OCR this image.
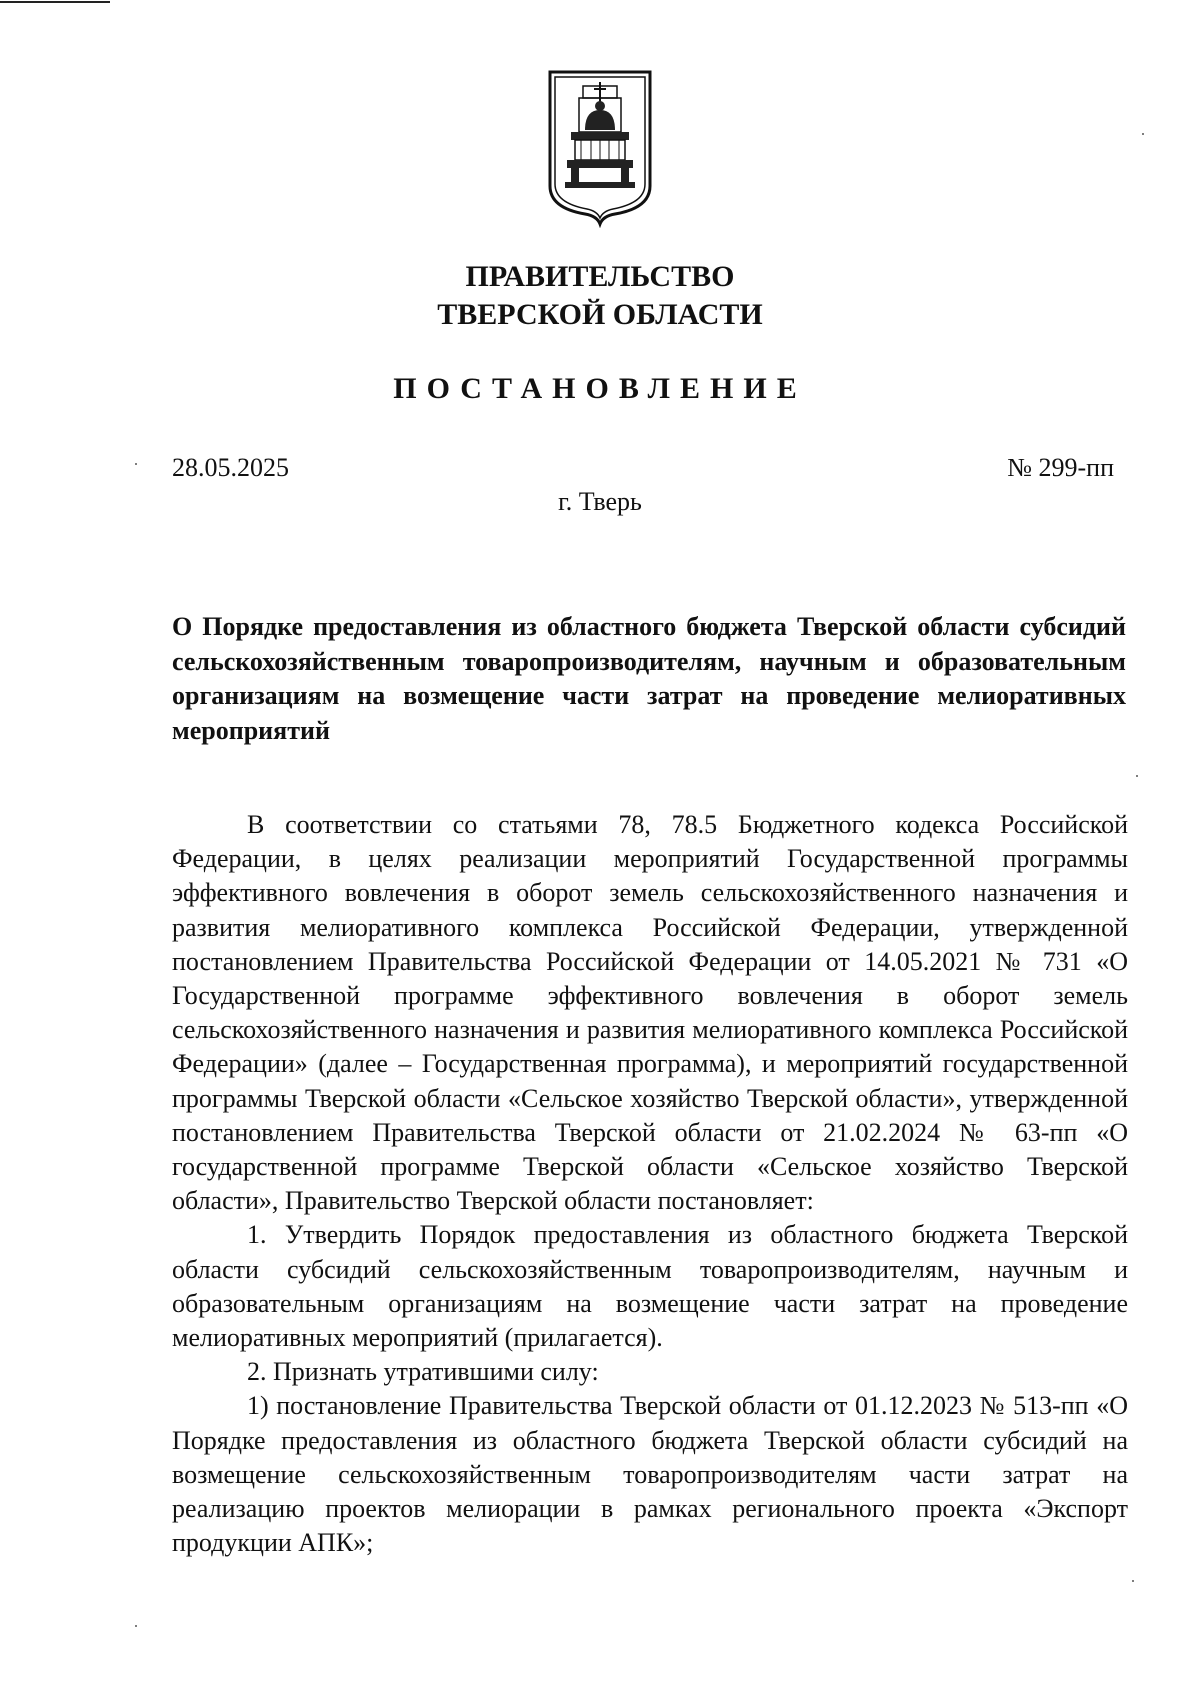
ПРАВИТЕЛЬСТВО
ТВЕРСКОЙ ОБЛАСТИ
ПОСТАНОВЛЕНИЕ
28.05.2025	№ 299-пп
г. Тверь
О Порядке предоставления из областного бюджета Тверской области субсидий сельскохозяйственным товаропроизводителям, научным и образовательным организациям на возмещение части затрат на проведение мелиоративных мероприятий

В соответствии со статьями 78, 78.5 Бюджетного кодекса Российской Федерации, в целях реализации мероприятий Государственной программы эффективного вовлечения в оборот земель сельскохозяйственного назначения и развития мелиоративного комплекса Российской Федерации, утвержденной постановлением Правительства Российской Федерации от 14.05.2021 № 731 «О Государственной программе эффективного вовлечения в оборот земель сельскохозяйственного назначения и развития мелиоративного комплекса Российской Федерации» (далее – Государственная программа), и мероприятий государственной программы Тверской области «Сельское хозяйство Тверской области», утвержденной постановлением Правительства Тверской области от 21.02.2024 № 63-пп «О государственной программе Тверской области «Сельское хозяйство Тверской области», Правительство Тверской области постановляет:

1. Утвердить Порядок предоставления из областного бюджета Тверской области субсидий сельскохозяйственным товаропроизводителям, научным и образовательным организациям на возмещение части затрат на проведение мелиоративных мероприятий (прилагается).

2. Признать утратившими силу:

1) постановление Правительства Тверской области от 01.12.2023 № 513-пп «О Порядке предоставления из областного бюджета Тверской области субсидий на возмещение сельскохозяйственным товаропроизводителям части затрат на реализацию проектов мелиорации в рамках регионального проекта «Экспорт продукции АПК»;
